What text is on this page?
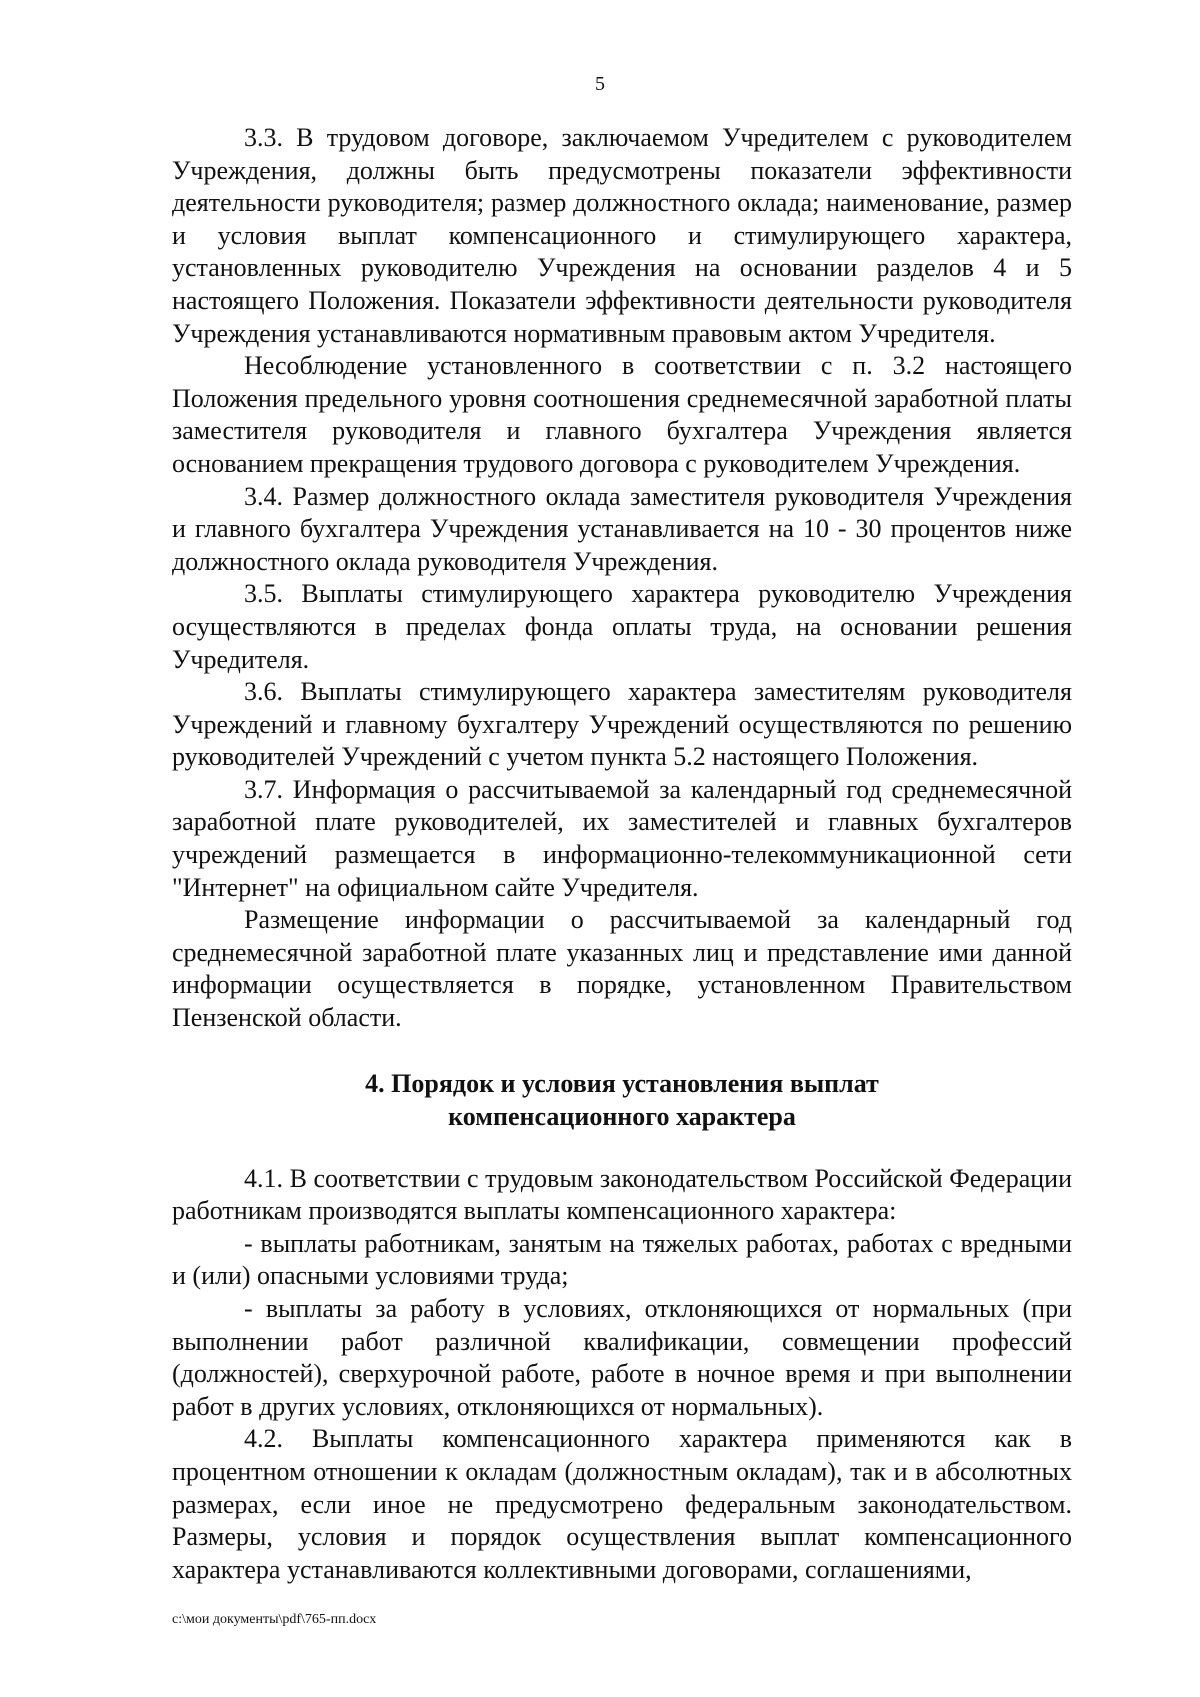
5

3.3. В трудовом договоре, заключаемом Учредителем с руководителем Учреждения, должны быть предусмотрены показатели эффективности деятельности руководителя; размер должностного оклада; наименование, размер и условия выплат компенсационного и стимулирующего характера, установленных руководителю Учреждения на основании разделов 4 и 5 настоящего Положения. Показатели эффективности деятельности руководителя Учреждения устанавливаются нормативным правовым актом Учредителя.

Несоблюдение установленного в соответствии с п. 3.2 настоящего Положения предельного уровня соотношения среднемесячной заработной платы заместителя руководителя и главного бухгалтера Учреждения является основанием прекращения трудового договора с руководителем Учреждения.

3.4. Размер должностного оклада заместителя руководителя Учреждения и главного бухгалтера Учреждения устанавливается на 10 - 30 процентов ниже должностного оклада руководителя Учреждения.

3.5. Выплаты стимулирующего характера руководителю Учреждения осуществляются в пределах фонда оплаты труда, на основании решения Учредителя.

3.6. Выплаты стимулирующего характера заместителям руководителя Учреждений и главному бухгалтеру Учреждений осуществляются по решению руководителей Учреждений с учетом пункта 5.2 настоящего Положения.

3.7. Информация о рассчитываемой за календарный год среднемесячной заработной плате руководителей, их заместителей и главных бухгалтеров учреждений размещается в информационно-телекоммуникационной сети "Интернет" на официальном сайте Учредителя.

Размещение информации о рассчитываемой за календарный год среднемесячной заработной плате указанных лиц и представление ими данной информации осуществляется в порядке, установленном Правительством Пензенской области.

4. Порядок и условия установления выплат
компенсационного характера

4.1. В соответствии с трудовым законодательством Российской Федерации работникам производятся выплаты компенсационного характера:

- выплаты работникам, занятым на тяжелых работах, работах с вредными и (или) опасными условиями труда;

- выплаты за работу в условиях, отклоняющихся от нормальных (при выполнении работ различной квалификации, совмещении профессий (должностей), сверхурочной работе, работе в ночное время и при выполнении работ в других условиях, отклоняющихся от нормальных).

4.2. Выплаты компенсационного характера применяются как в процентном отношении к окладам (должностным окладам), так и в абсолютных размерах, если иное не предусмотрено федеральным законодательством. Размеры, условия и порядок осуществления выплат компенсационного характера устанавливаются коллективными договорами, соглашениями,

c:\мои документы\pdf\765-пп.docx
